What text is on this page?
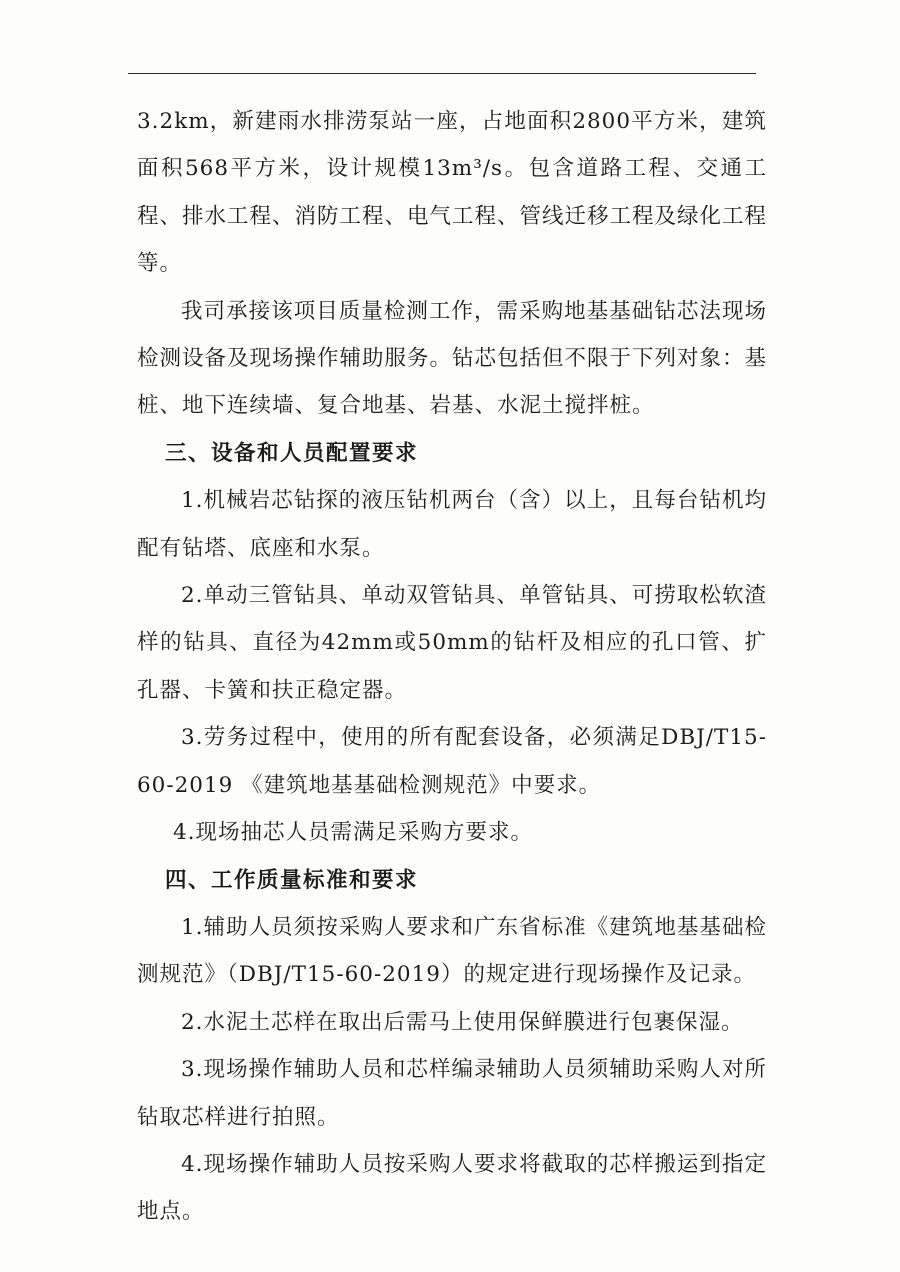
3.2km，新建雨水排涝泵站一座，占地面积2800平方米，建筑面积568平方米，设计规模13m³/s。包含道路工程、交通工程、排水工程、消防工程、电气工程、管线迁移工程及绿化工程等。

我司承接该项目质量检测工作，需采购地基基础钻芯法现场检测设备及现场操作辅助服务。钻芯包括但不限于下列对象：基桩、地下连续墙、复合地基、岩基、水泥土搅拌桩。

三、设备和人员配置要求

1.机械岩芯钻探的液压钻机两台（含）以上，且每台钻机均配有钻塔、底座和水泵。

2.单动三管钻具、单动双管钻具、单管钻具、可捞取松软渣样的钻具、直径为42mm或50mm的钻杆及相应的孔口管、扩孔器、卡簧和扶正稳定器。

3.劳务过程中，使用的所有配套设备，必须满足DBJ/T15-60-2019 《建筑地基基础检测规范》中要求。

4.现场抽芯人员需满足采购方要求。

四、工作质量标准和要求

1.辅助人员须按采购人要求和广东省标准《建筑地基基础检测规范》（DBJ/T15-60-2019）的规定进行现场操作及记录。

2.水泥土芯样在取出后需马上使用保鲜膜进行包裹保湿。

3.现场操作辅助人员和芯样编录辅助人员须辅助采购人对所钻取芯样进行拍照。

4.现场操作辅助人员按采购人要求将截取的芯样搬运到指定地点。
